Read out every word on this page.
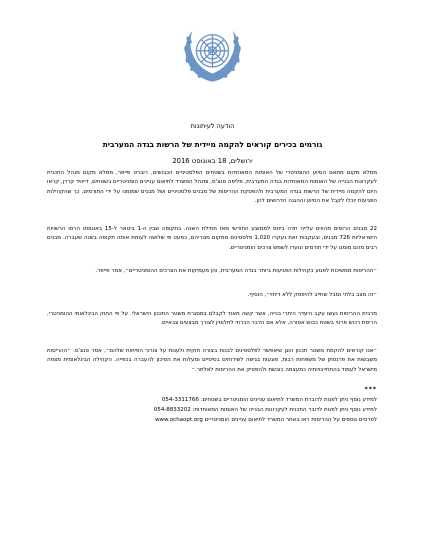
הודעה לעיתונות
גורמים בכירים קוראים להקמה מיידית של הרשות בגדה המערבית
ירושלים, 18 באוגוסט 2016
ממלא מקום מתאם הסיוע ההומניטרי של האומות המאוחדות בשטחים הפלסטיניים הכבושים, רוברט פייפר, ממלא מקום מנהל התכנית לעקרונות הבנייה של האומות המאוחדות בגדה המערבית, פליפה סנצ'ס, ומנהל המשרד לתיאום עניינים הומניטריים בשטחים, דייוויד קרדן, קראו היום להקמה מיידית של הרשות בגדה המערבית ולהפסקת ההריסות של מבנים פלסטיניים ושל מבנים שמומנו על ידי התורמים, כך שהקהילות הפגיעות יוכלו לקבל את הסיוע וההגנה הדרושים להן.
22 מבנים הרוסים מהווים עלייה חדה ביחס לממוצע החודשי מאז תחילת השנה. בתקופה שבין ה-1 בינואר ל-15 באוגוסט הרסו הרשויות הישראליות 726 מבנים, ובעקבות זאת נעקרו 1,020 פלסטינים ממקום מגוריהם, כמעט פי שלושה לעומת אותה תקופה בשנה שעברה. מבנים רבים מהם מומנו על ידי תורמים ונועדו לשמש צרכים הומניטריים.
״ההריסות ממשיכות לפגוע בקהילות הפגיעות ביותר בגדה המערבית, והן מעמיקות את הצרכים ההומניטריים״, אמר פייפר.
״זה מצב בלתי נסבל שחייב להיפסק ללא דיחוי״, הוסיף.
מרבית ההריסות נעשו עקב היעדר היתרי בנייה, אשר קשה מאוד לקבלם במסגרת משטר התכנון הישראלי. על פי החוק הבינלאומי ההומניטרי, הריסת רכוש פרטי בשטח כבוש אסורה, אלא אם הדבר הכרחי לחלוטין לצורך מבצעים צבאיים.
״אנו קוראים להקמת משטר תכנון הוגן שיאפשר לפלסטינים לבנות בצורה חוקית ולענות על צורכי הפיתוח שלהם״, אמר סנצ'ס. ״ההריסות משבשות את פרנסתן של משפחות רבות, פוגעות בגישה לשירותים בסיסיים ומעלות את הסיכון להעברה בכפייה. הקהילה הבינלאומית מצפה מישראל לעמוד בהתחייבויותיה כמעצמה כובשת ולהפסיק את ההריסות לאלתר.״
***
למידע נוסף ניתן לפנות לדוברת המשרד לתיאום עניינים הומניטריים בשטחים: 054-3311766
למידע נוסף ניתן לפנות לדובר התכנית לעקרונות הבנייה של האומות המאוחדות: 054-8833202
לפרטים נוספים על ההריסות ראו באתר המשרד לתיאום עניינים הומניטריים www.ochaopt.org
